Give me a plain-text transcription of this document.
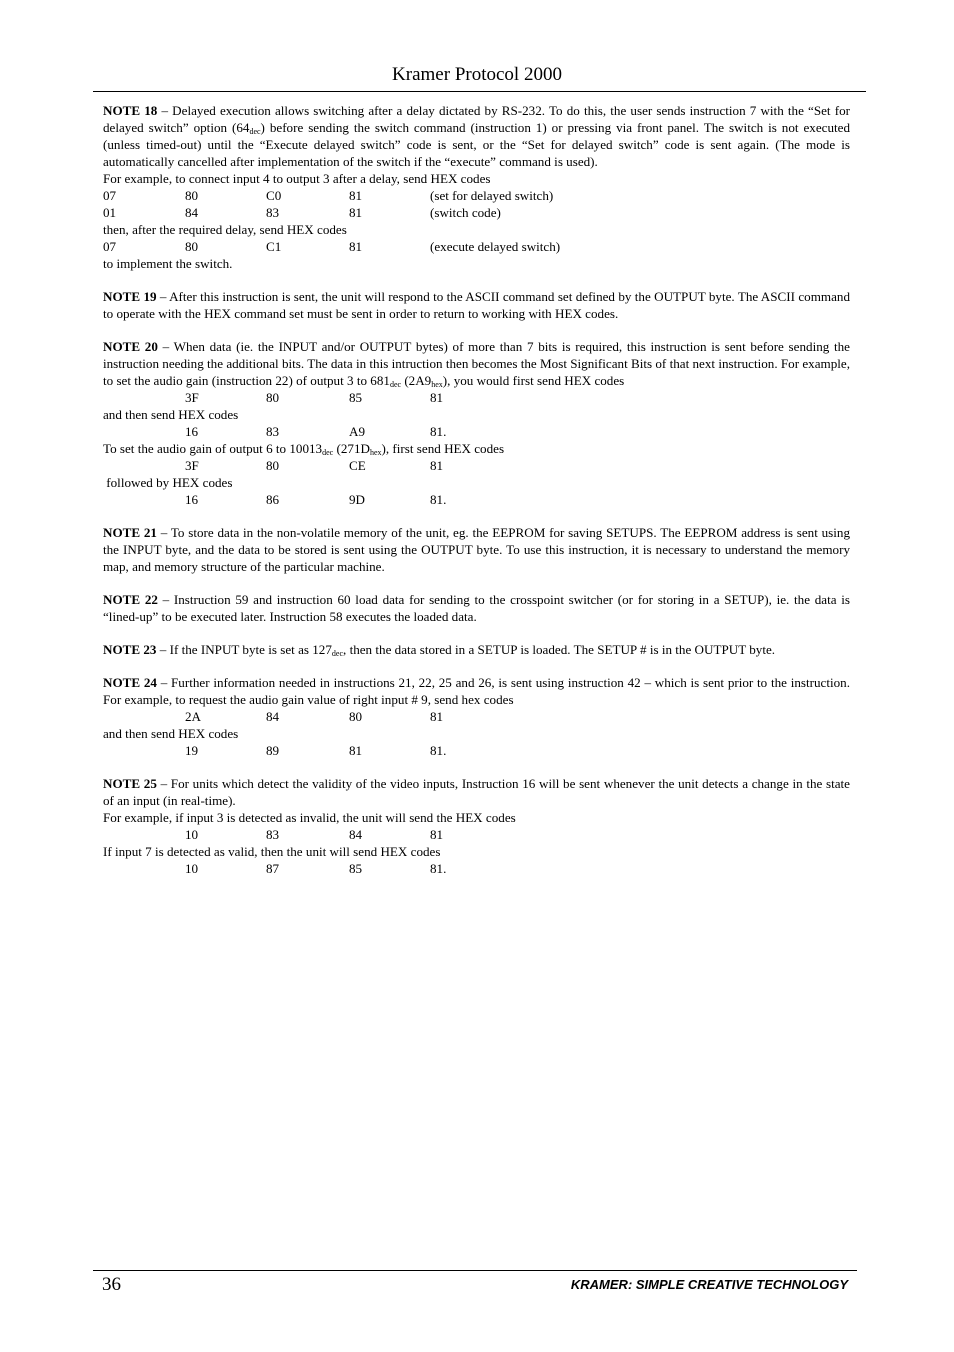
Kramer Protocol 2000

NOTE 18 – Delayed execution allows switching after a delay dictated by RS-232. To do this, the user sends instruction 7 with the “Set for delayed switch” option $(64_{dec})$ before sending the switch command (instruction 1) or pressing via front panel. The switch is not executed (unless timed-out) until the “Execute delayed switch” code is sent, or the “Set for delayed switch” code is sent again. (The mode is automatically cancelled after implementation of the switch if the “execute” command is used).

For example, to connect input 4 to output 3 after a delay, send HEX codes

07	80	C0	81	(set for delayed switch)
01	84	83	81	(switch code)

then, after the required delay, send HEX codes

07	80	C1	81	(execute delayed switch)

to implement the switch.

NOTE 19 – After this instruction is sent, the unit will respond to the ASCII command set defined by the OUTPUT byte. The ASCII command to operate with the HEX command set must be sent in order to return to working with HEX codes.

NOTE 20 – When data (ie. the INPUT and/or OUTPUT bytes) of more than 7 bits is required, this instruction is sent before sending the instruction needing the additional bits. The data in this intruction then becomes the Most Significant Bits of that next instruction. For example, to set the audio gain (instruction 22) of output 3 to $681_{dec}$ $(2A9_{hex})$, you would first send HEX codes

3F	80	85	81

and then send HEX codes

16	83	A9	81.

To set the audio gain of output 6 to $10013_{dec}$ $(271D_{hex})$, first send HEX codes

3F	80	CE	81

followed by HEX codes

16	86	9D	81.

NOTE 21 – To store data in the non-volatile memory of the unit, eg. the EEPROM for saving SETUPS. The EEPROM address is sent using the INPUT byte, and the data to be stored is sent using the OUTPUT byte. To use this instruction, it is necessary to understand the memory map, and memory structure of the particular machine.

NOTE 22 – Instruction 59 and instruction 60 load data for sending to the crosspoint switcher (or for storing in a SETUP), ie. the data is “lined-up” to be executed later. Instruction 58 executes the loaded data.

NOTE 23 – If the INPUT byte is set as $127_{dec}$, then the data stored in a SETUP is loaded. The SETUP # is in the OUTPUT byte.

NOTE 24 – Further information needed in instructions 21, 22, 25 and 26, is sent using instruction 42 – which is sent prior to the instruction. For example, to request the audio gain value of right input # 9, send hex codes

2A	84	80	81

and then send HEX codes

19	89	81	81.

NOTE 25 – For units which detect the validity of the video inputs, Instruction 16 will be sent whenever the unit detects a change in the state of an input (in real-time).

For example, if input 3 is detected as invalid, the unit will send the HEX codes

10	83	84	81

If input 7 is detected as valid, then the unit will send HEX codes

10	87	85	81.
36	KRAMER: SIMPLE CREATIVE TECHNOLOGY
